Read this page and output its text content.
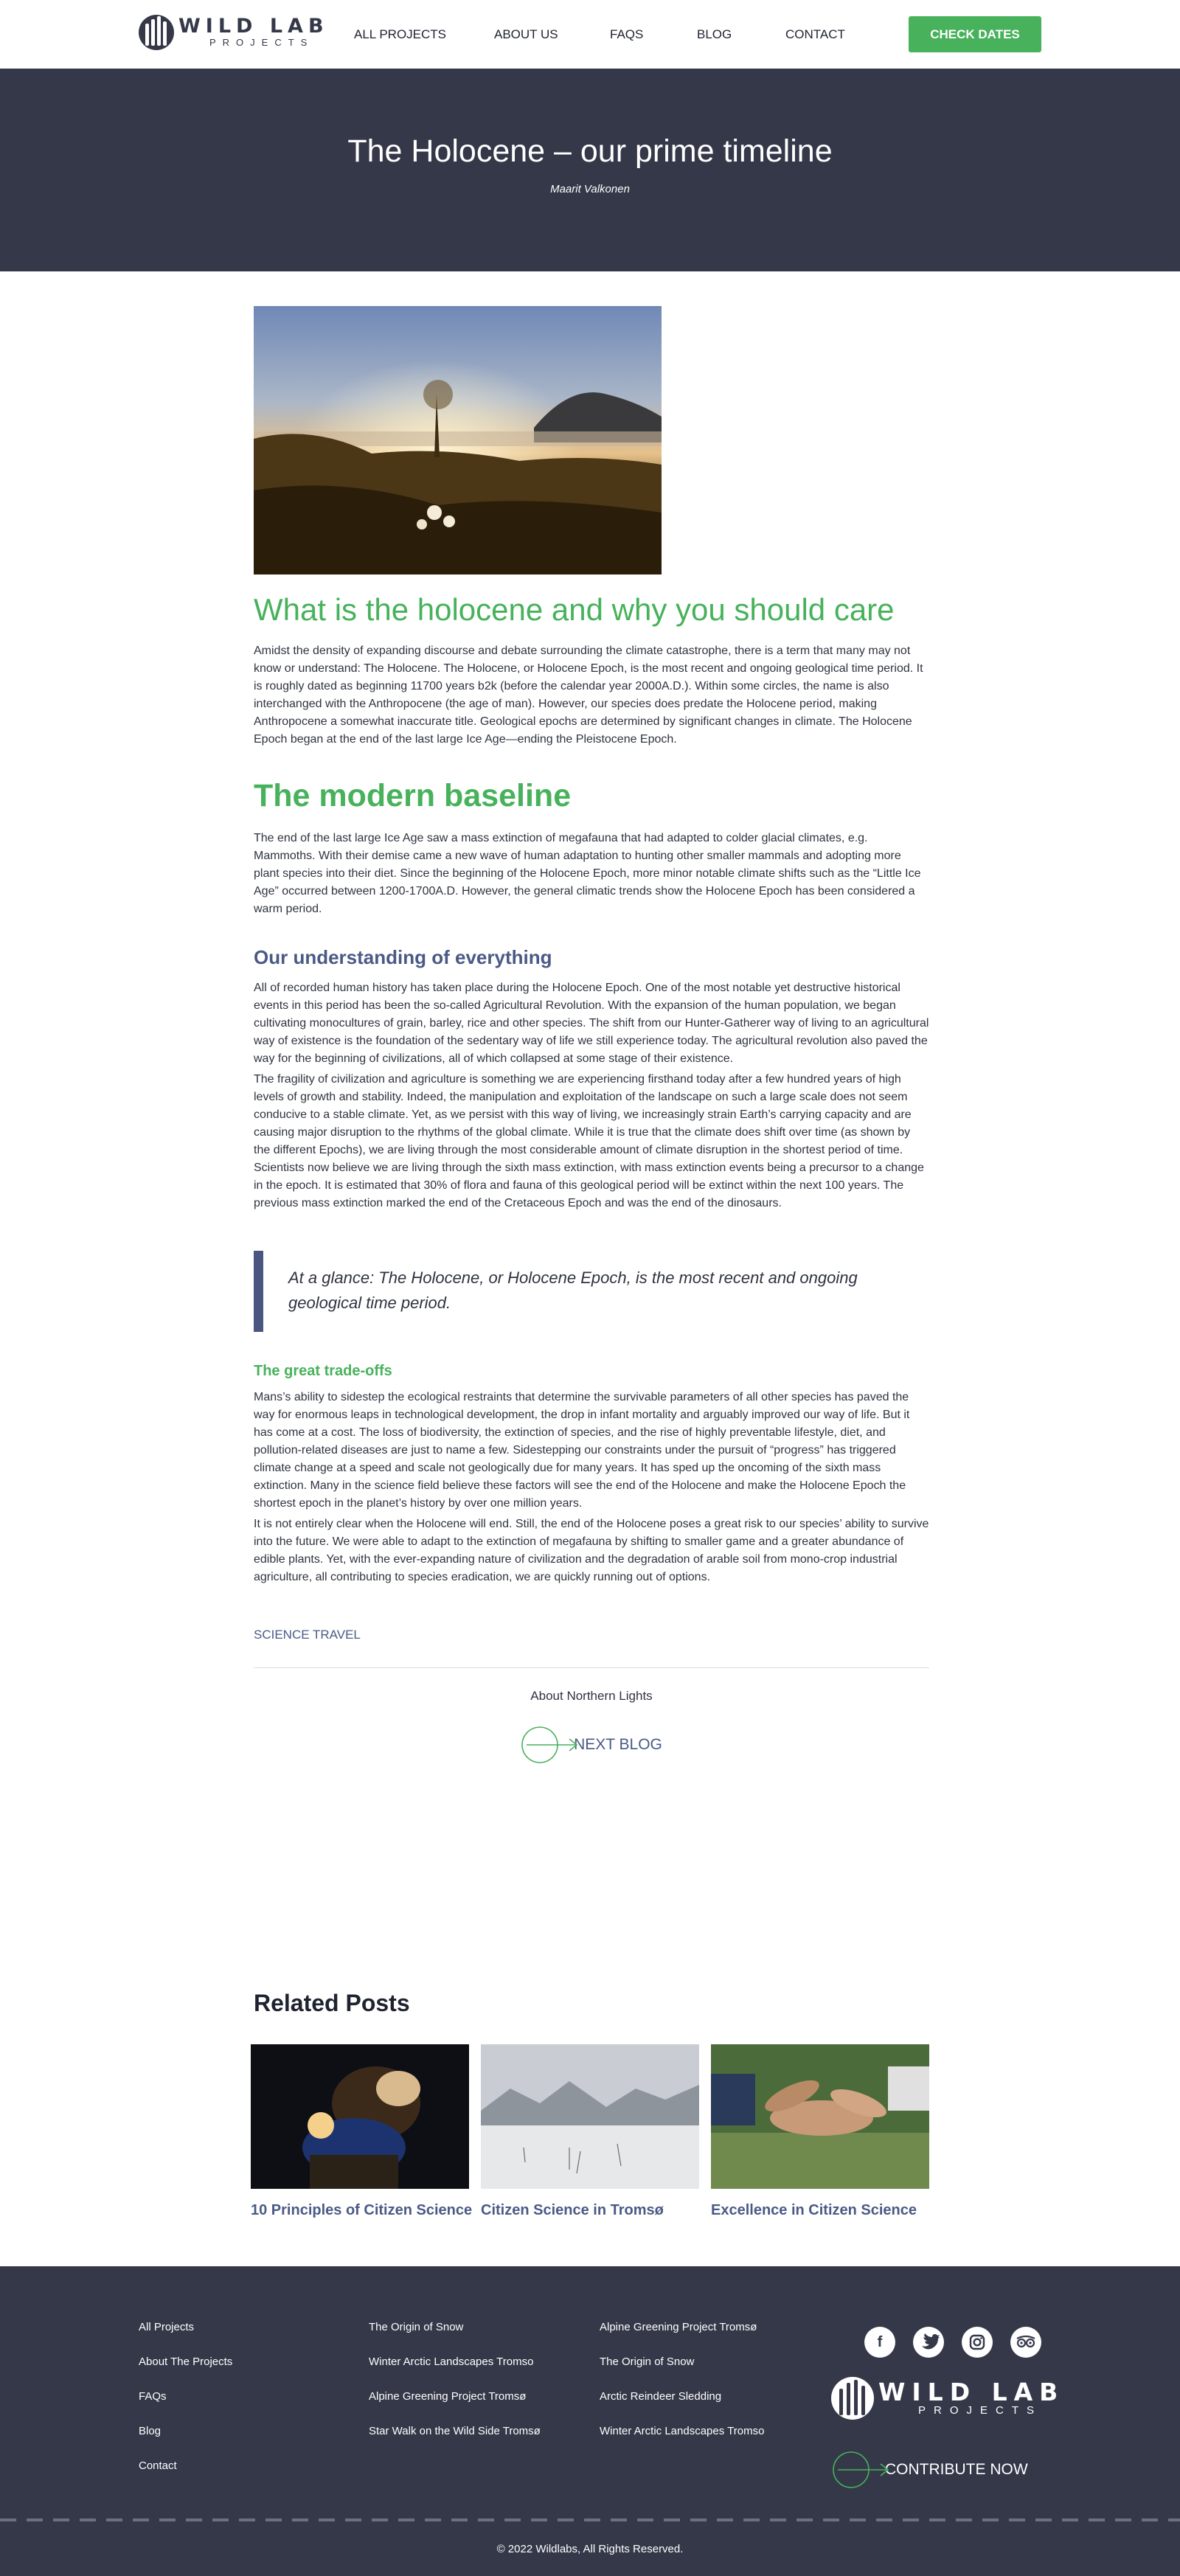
WILD LAB
PROJECTS
ALL PROJECTS	ABOUT US	FAQS	BLOG	CONTACT	CHECK DATES
The Holocene – our prime timeline
Maarit Valkonen
What is the holocene and why you should care

Amidst the density of expanding discourse and debate surrounding the climate catastrophe, there is a term that many may not know or understand: The Holocene. The Holocene, or Holocene Epoch, is the most recent and ongoing geological time period. It is roughly dated as beginning 11700 years b2k (before the calendar year 2000A.D.). Within some circles, the name is also interchanged with the Anthropocene (the age of man). However, our species does predate the Holocene period, making Anthropocene a somewhat inaccurate title. Geological epochs are determined by significant changes in climate. The Holocene Epoch began at the end of the last large Ice Age—ending the Pleistocene Epoch.

The modern baseline

The end of the last large Ice Age saw a mass extinction of megafauna that had adapted to colder glacial climates, e.g. Mammoths. With their demise came a new wave of human adaptation to hunting other smaller mammals and adopting more plant species into their diet. Since the beginning of the Holocene Epoch, more minor notable climate shifts such as the “Little Ice Age” occurred between 1200-1700A.D. However, the general climatic trends show the Holocene Epoch has been considered a warm period.

Our understanding of everything

All of recorded human history has taken place during the Holocene Epoch. One of the most notable yet destructive historical events in this period has been the so-called Agricultural Revolution. With the expansion of the human population, we began cultivating monocultures of grain, barley, rice and other species. The shift from our Hunter-Gatherer way of living to an agricultural way of existence is the foundation of the sedentary way of life we still experience today. The agricultural revolution also paved the way for the beginning of civilizations, all of which collapsed at some stage of their existence.

The fragility of civilization and agriculture is something we are experiencing firsthand today after a few hundred years of high levels of growth and stability. Indeed, the manipulation and exploitation of the landscape on such a large scale does not seem conducive to a stable climate. Yet, as we persist with this way of living, we increasingly strain Earth’s carrying capacity and are causing major disruption to the rhythms of the global climate. While it is true that the climate does shift over time (as shown by the different Epochs), we are living through the most considerable amount of climate disruption in the shortest period of time. Scientists now believe we are living through the sixth mass extinction, with mass extinction events being a precursor to a change in the epoch. It is estimated that 30% of flora and fauna of this geological period will be extinct within the next 100 years. The previous mass extinction marked the end of the Cretaceous Epoch and was the end of the dinosaurs.

At a glance: The Holocene, or Holocene Epoch, is the most recent and ongoing geological time period.
The great trade-offs

Mans’s ability to sidestep the ecological restraints that determine the survivable parameters of all other species has paved the way for enormous leaps in technological development, the drop in infant mortality and arguably improved our way of life. But it has come at a cost. The loss of biodiversity, the extinction of species, and the rise of highly preventable lifestyle, diet, and pollution-related diseases are just to name a few. Sidestepping our constraints under the pursuit of “progress” has triggered climate change at a speed and scale not geologically due for many years. It has sped up the oncoming of the sixth mass extinction. Many in the science field believe these factors will see the end of the Holocene and make the Holocene Epoch the shortest epoch in the planet’s history by over one million years.

It is not entirely clear when the Holocene will end. Still, the end of the Holocene poses a great risk to our species’ ability to survive into the future. We were able to adapt to the extinction of megafauna by shifting to smaller game and a greater abundance of edible plants. Yet, with the ever-expanding nature of civilization and the degradation of arable soil from mono-crop industrial agriculture, all contributing to species eradication, we are quickly running out of options.

SCIENCE TRAVEL
About Northern Lights
NEXT BLOG
Related Posts
10 Principles of Citizen Science Citizen Science in Tromsø	Excellence in Citizen Science
All Projects
About The Projects
FAQs
Blog
Contact
The Origin of Snow
Winter Arctic Landscapes Tromso
Alpine Greening Project Tromsø
Star Walk on the Wild Side Tromsø
Alpine Greening Project Tromsø
The Origin of Snow
Arctic Reindeer Sledding
Winter Arctic Landscapes Tromso
f
WILD LAB
PROJECTS
CONTRIBUTE NOW
© 2022 Wildlabs, All Rights Reserved.
